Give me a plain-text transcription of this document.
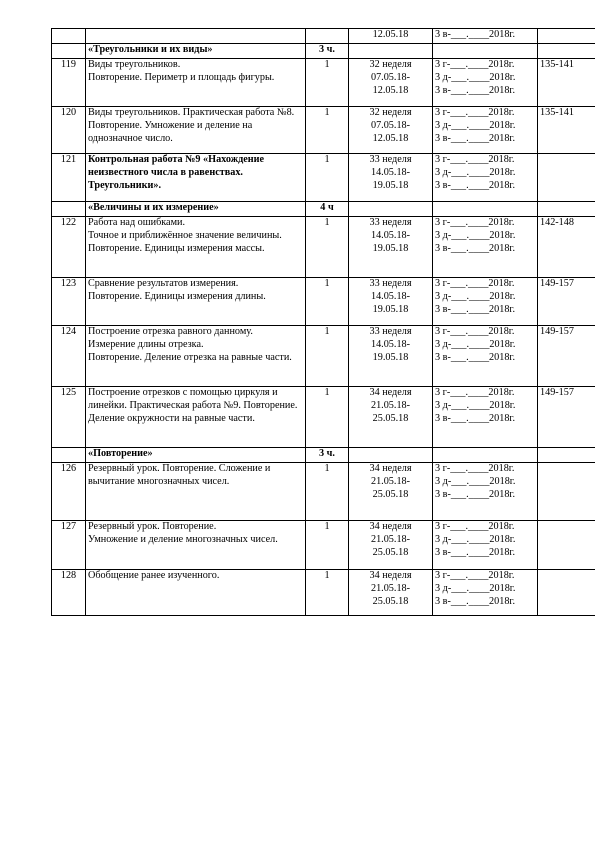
			12.05.18	3 в-___.____2018г.	

	«Треугольники и их виды»	3 ч.			
119	Виды треугольников.
Повторение. Периметр и площадь фигуры.	1	32 неделя
07.05.18-
12.05.18	3 г-___.____2018г.
3 д-___.____2018г.
3 в-___.____2018г.	135-141
120	Виды треугольников. Практическая работа №8.
Повторение. Умножение и деление на однозначное число.	1	32 неделя
07.05.18-
12.05.18	3 г-___.____2018г.
3 д-___.____2018г.
3 в-___.____2018г.	135-141
121	Контрольная работа №9 «Нахождение неизвестного числа в равенствах. Треугольники».	1	33 неделя
14.05.18-
19.05.18	3 г-___.____2018г.
3 д-___.____2018г.
3 в-___.____2018г.	

	«Величины и их измерение»	4 ч			
122	Работа над ошибками.
Точное и приближённое значение величины.
Повторение. Единицы измерения массы.	1	33 неделя
14.05.18-
19.05.18	3 г-___.____2018г.
3 д-___.____2018г.
3 в-___.____2018г.	142-148
123	Сравнение результатов измерения.
Повторение. Единицы измерения длины.	1	33 неделя
14.05.18-
19.05.18	3 г-___.____2018г.
3 д-___.____2018г.
3 в-___.____2018г.	149-157
124	Построение отрезка равного данному.
Измерение длины отрезка.
Повторение. Деление отрезка на равные части.	1	33 неделя
14.05.18-
19.05.18	3 г-___.____2018г.
3 д-___.____2018г.
3 в-___.____2018г.	149-157
125	Построение отрезков с помощью циркуля и линейки. Практическая работа №9. Повторение. Деление окружности на равные части.	1	34 неделя
21.05.18-
25.05.18	3 г-___.____2018г.
3 д-___.____2018г.
3 в-___.____2018г.	149-157
	«Повторение»	3 ч.			
126	Резервный урок. Повторение. Сложение и вычитание многозначных чисел.	1	34 неделя
21.05.18-
25.05.18	3 г-___.____2018г.
3 д-___.____2018г.
3 в-___.____2018г.	

127	Резервный урок. Повторение.
Умножение и деление многозначных чисел.	1	34 неделя
21.05.18-
25.05.18	3 г-___.____2018г.
3 д-___.____2018г.
3 в-___.____2018г.	

128	Обобщение ранее изученного.	1	34 неделя
21.05.18-
25.05.18	3 г-___.____2018г.
3 д-___.____2018г.
3 в-___.____2018г.	
